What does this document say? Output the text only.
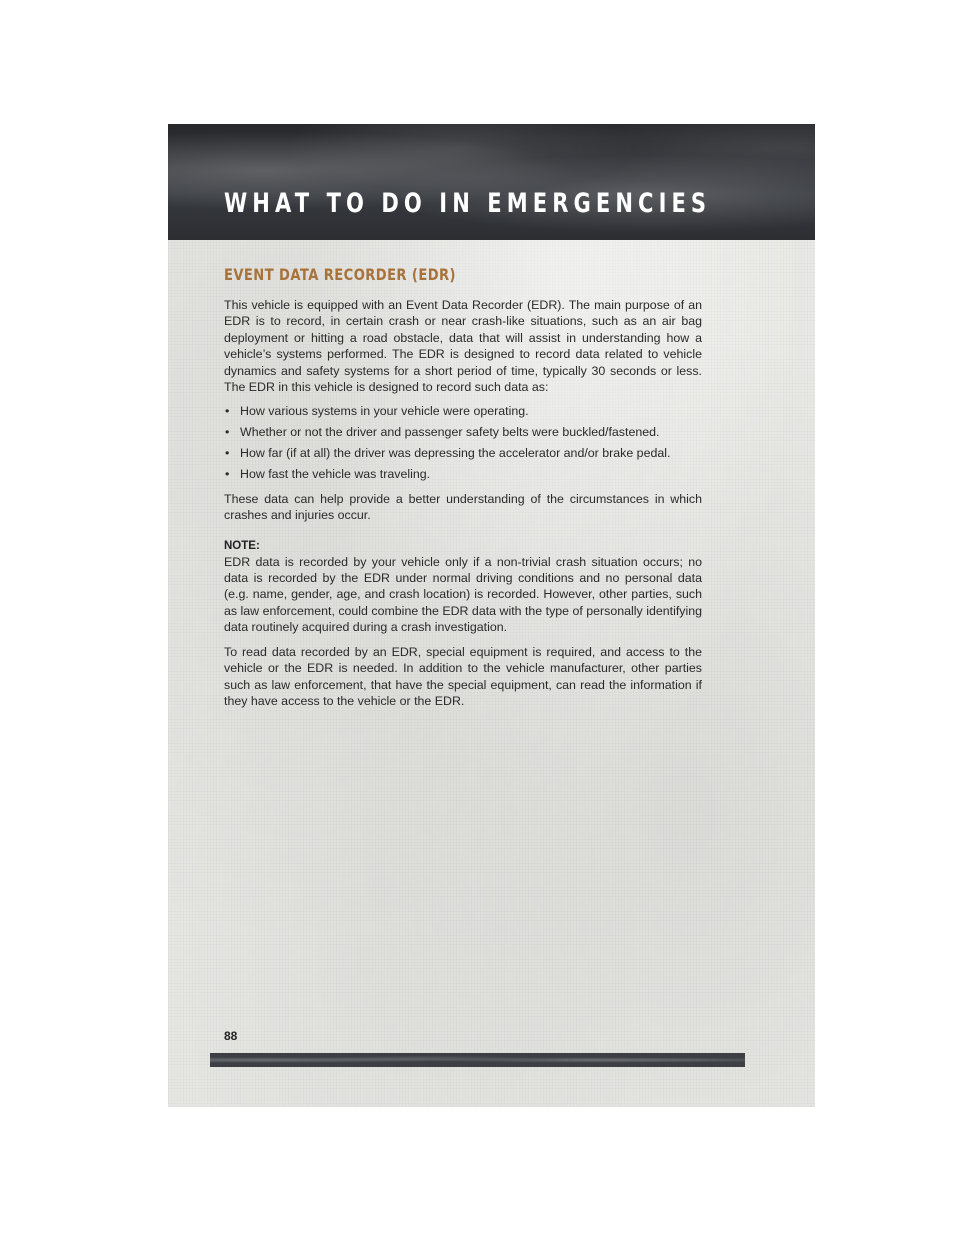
WHAT TO DO IN EMERGENCIES
EVENT DATA RECORDER (EDR)

This vehicle is equipped with an Event Data Recorder (EDR). The main purpose of an EDR is to record, in certain crash or near crash-like situations, such as an air bag deployment or hitting a road obstacle, data that will assist in understanding how a vehicle’s systems performed. The EDR is designed to record data related to vehicle dynamics and safety systems for a short period of time, typically 30 seconds or less. The EDR in this vehicle is designed to record such data as:

• How various systems in your vehicle were operating.
• Whether or not the driver and passenger safety belts were buckled/fastened.
• How far (if at all) the driver was depressing the accelerator and/or brake pedal.
• How fast the vehicle was traveling.

These data can help provide a better understanding of the circumstances in which crashes and injuries occur.

NOTE:

EDR data is recorded by your vehicle only if a non-trivial crash situation occurs; no data is recorded by the EDR under normal driving conditions and no personal data (e.g. name, gender, age, and crash location) is recorded. However, other parties, such as law enforcement, could combine the EDR data with the type of personally identifying data routinely acquired during a crash investigation.

To read data recorded by an EDR, special equipment is required, and access to the vehicle or the EDR is needed. In addition to the vehicle manufacturer, other parties such as law enforcement, that have the special equipment, can read the information if they have access to the vehicle or the EDR.

88
